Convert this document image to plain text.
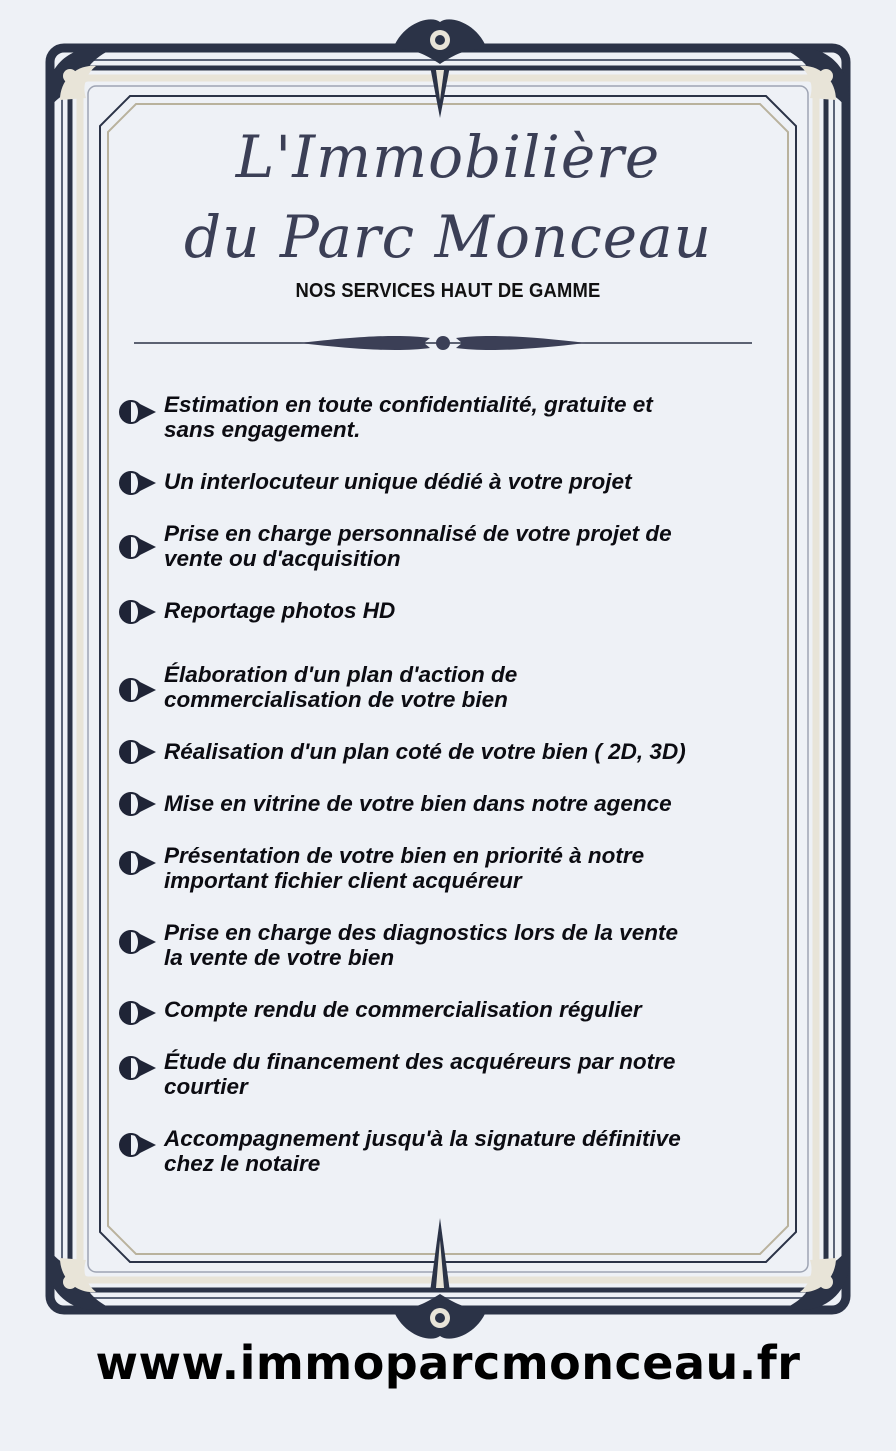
L'Immobilière
du Parc Monceau
NOS SERVICES HAUT DE GAMME
Estimation en toute confidentialité, gratuite et
sans engagement.
Un interlocuteur unique dédié à votre projet
Prise en charge personnalisé de votre projet de
vente ou d'acquisition
Reportage photos HD
Élaboration d'un plan d'action de
commercialisation de votre bien
Réalisation d'un plan coté de votre bien ( 2D, 3D)
Mise en vitrine de votre bien dans notre agence
Présentation de votre bien en priorité à notre
important fichier client acquéreur
Prise en charge des diagnostics lors de la vente
la vente de votre bien
Compte rendu de commercialisation régulier
Étude du financement des acquéreurs par notre
courtier
Accompagnement jusqu'à la signature définitive
chez le notaire
www.immoparcmonceau.fr
